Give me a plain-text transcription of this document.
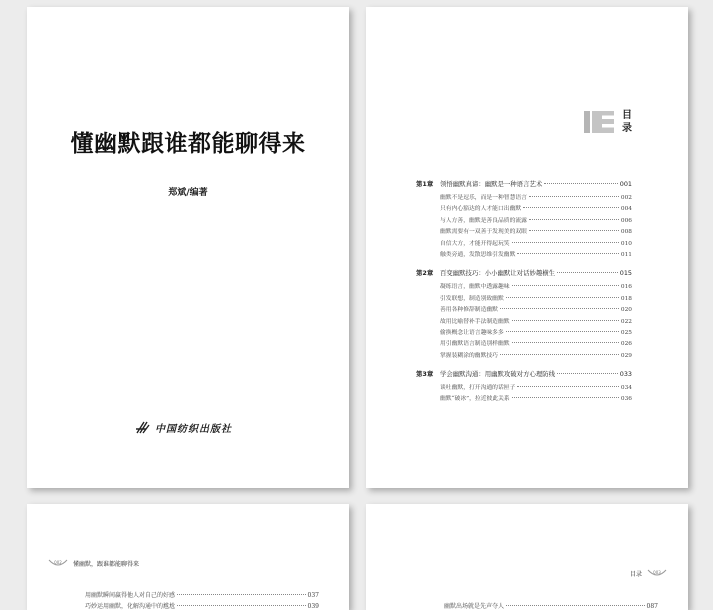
懂幽默跟谁都能聊得来
郑斌/编著
中国纺织出版社
目录
第1章	领悟幽默真谛：幽默是一种语言艺术	001
幽默不是逗乐，而是一种智慧语言	002
只有内心豁达的人才能口出幽默	004
与人方善，幽默是善良品质的流露	006
幽默需要有一双善于发现美的双眼	008
自信大方，才能开得起玩笑	010
触类旁通，发散思维引发幽默	011
第2章	百变幽默技巧：小小幽默让对话妙趣横生	015
凝练语言，幽默中透露趣味	016
引发联想，制造别致幽默	018
善用各种修辞制造幽默	020
故用比喻替补手法制造幽默	022
偷换概念让语言趣味多多	025
用引幽默语言制造别样幽默	026
掌握装糊涂的幽默技巧	029
第3章	学会幽默沟通：用幽默攻破对方心理防线	033
谈吐幽默，打开沟通的话匣子	034
幽默“破冰”，拉近彼此关系	036
002 懂幽默，跟谁都能聊得来
用幽默瞬间赢得他人对自己的好感	037
巧妙运用幽默，化解沟通中的尴尬	039
目录	003
幽默出场就是先声夺人	087
